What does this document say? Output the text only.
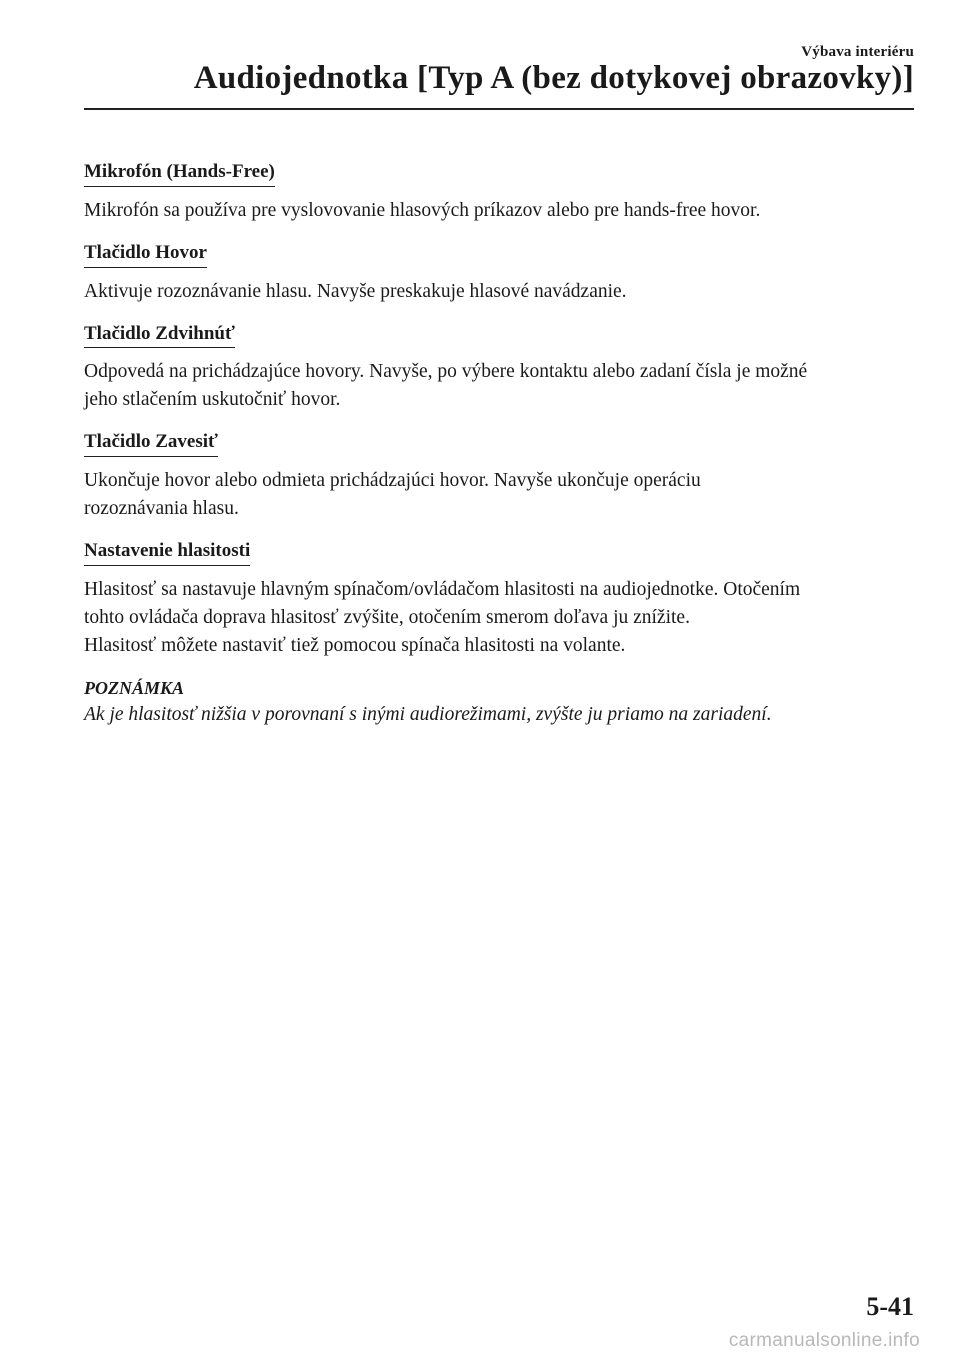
Výbava interiéru
Audiojednotka [Typ A (bez dotykovej obrazovky)]
Mikrofón (Hands-Free)
Mikrofón sa používa pre vyslovovanie hlasových príkazov alebo pre hands-free hovor.
Tlačidlo Hovor
Aktivuje rozoznávanie hlasu. Navyše preskakuje hlasové navádzanie.
Tlačidlo Zdvihnúť
Odpovedá na prichádzajúce hovory. Navyše, po výbere kontaktu alebo zadaní čísla je možné
jeho stlačením uskutočniť hovor.
Tlačidlo Zavesiť
Ukončuje hovor alebo odmieta prichádzajúci hovor. Navyše ukončuje operáciu
rozoznávania hlasu.
Nastavenie hlasitosti
Hlasitosť sa nastavuje hlavným spínačom/ovládačom hlasitosti na audiojednotke. Otočením
tohto ovládača doprava hlasitosť zvýšite, otočením smerom doľava ju znížite.
Hlasitosť môžete nastaviť tiež pomocou spínača hlasitosti na volante.
POZNÁMKA
Ak je hlasitosť nižšia v porovnaní s inými audiorežimami, zvýšte ju priamo na zariadení.
5-41
carmanualsonline.info
